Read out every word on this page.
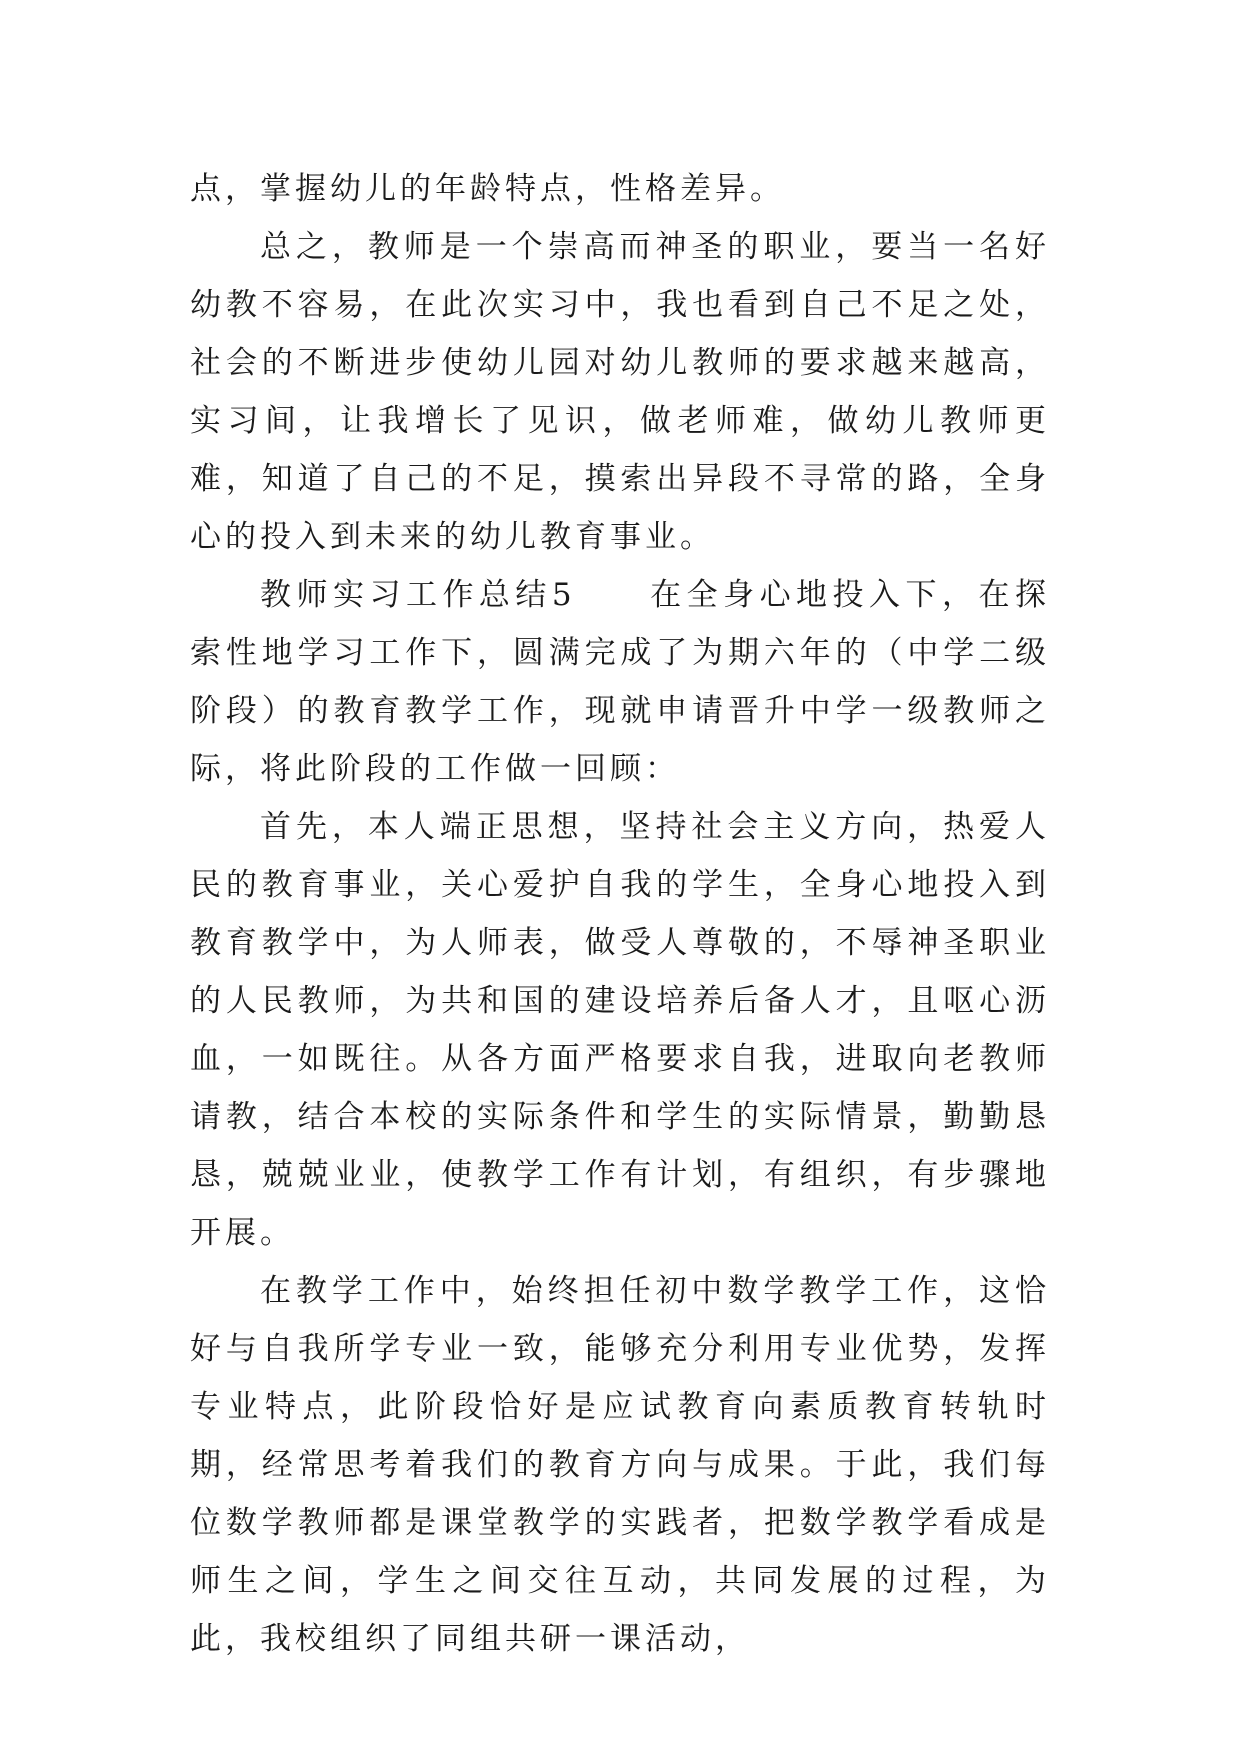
点，掌握幼儿的年龄特点，性格差异。

总之，教师是一个崇高而神圣的职业，要当一名好幼教不容易，在此次实习中，我也看到自己不足之处，社会的不断进步使幼儿园对幼儿教师的要求越来越高，实习间，让我增长了见识，做老师难，做幼儿教师更难，知道了自己的不足，摸索出异段不寻常的路，全身心的投入到未来的幼儿教育事业。

教师实习工作总结5　　在全身心地投入下，在探索性地学习工作下，圆满完成了为期六年的（中学二级阶段）的教育教学工作，现就申请晋升中学一级教师之际，将此阶段的工作做一回顾：

首先，本人端正思想，坚持社会主义方向，热爱人民的教育事业，关心爱护自我的学生，全身心地投入到教育教学中，为人师表，做受人尊敬的，不辱神圣职业的人民教师，为共和国的建设培养后备人才，且呕心沥血，一如既往。从各方面严格要求自我，进取向老教师请教，结合本校的实际条件和学生的实际情景，勤勤恳恳，兢兢业业，使教学工作有计划，有组织，有步骤地开展。

在教学工作中，始终担任初中数学教学工作，这恰好与自我所学专业一致，能够充分利用专业优势，发挥专业特点，此阶段恰好是应试教育向素质教育转轨时期，经常思考着我们的教育方向与成果。于此，我们每位数学教师都是课堂教学的实践者，把数学教学看成是师生之间，学生之间交往互动，共同发展的过程，为此，我校组织了同组共研一课活动，
